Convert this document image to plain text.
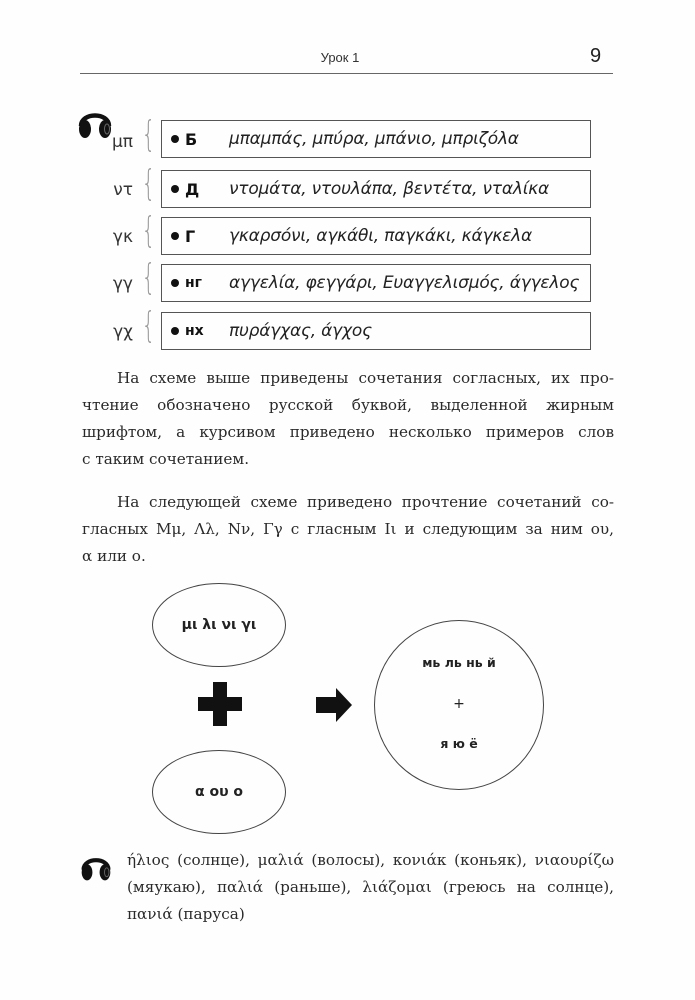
Урок 1	9
μπ { Б	μπαμπάς, μπύρα, μπάνιο, μπριζόλα
ντ { Д	ντομάτα, ντουλάπα, βεντέτα, νταλίκα
γκ { Г	γκαρσόνι, αγκάθι, παγκάκι, κάγκελα
γγ { нг	αγγελία, φεγγάρι, Ευαγγελισμός, άγγελος
γχ { нх	πυράγχας, άγχος
На схеме выше приведены сочетания согласных, их про-
чтение обозначено русской буквой, выделенной жирным
шрифтом, а курсивом приведено несколько примеров слов
с таким сочетанием.
На следующей схеме приведено прочтение сочетаний со-
гласных Μμ, Λλ, Νν, Γγ с гласным Ιι и следующим за ним ου,
α или ο.
μι λι νι γι
α ου ο
мь ль нь й
+
я ю ё
ήλιος (солнце), μαλιά (волосы), κονιάκ (коньяк), νιαουρίζω
(мяукаю), παλιά (раньше), λιάζομαι (греюсь на солнце),
πανιά (паруса)
